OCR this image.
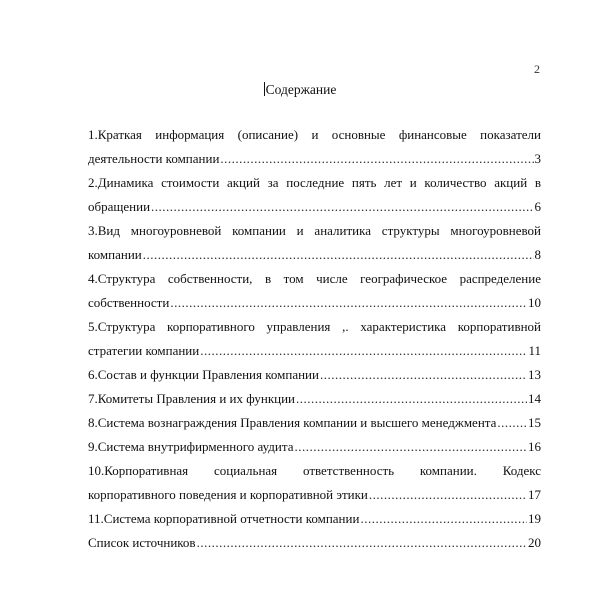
2
Содержание
1.Краткая информация (описание) и основные финансовые показатели
деятельности компании .....	3
2.Динамика стоимости акций за последние пять лет и количество акций в
обращении .....	6
3.Вид многоуровневой компании и аналитика структуры многоуровневой
компании .....	8
4.Структура собственности, в том числе географическое распределение
собственности .....	10
5.Структура корпоративного управления ,. характеристика корпоративной
стратегии компании .....	11
6.Состав и функции Правления компании .....	13
7.Комитеты Правления и их функции .....	14
8.Система вознаграждения Правления компании и высшего менеджмента ..... 15
9.Система внутрифирменного аудита .....	16
10.Корпоративная социальная ответственность компании. Кодекс
корпоративного поведения и корпоративной этики .....	17
11.Система корпоративной отчетности компании .....	19
Список источников .....	20
